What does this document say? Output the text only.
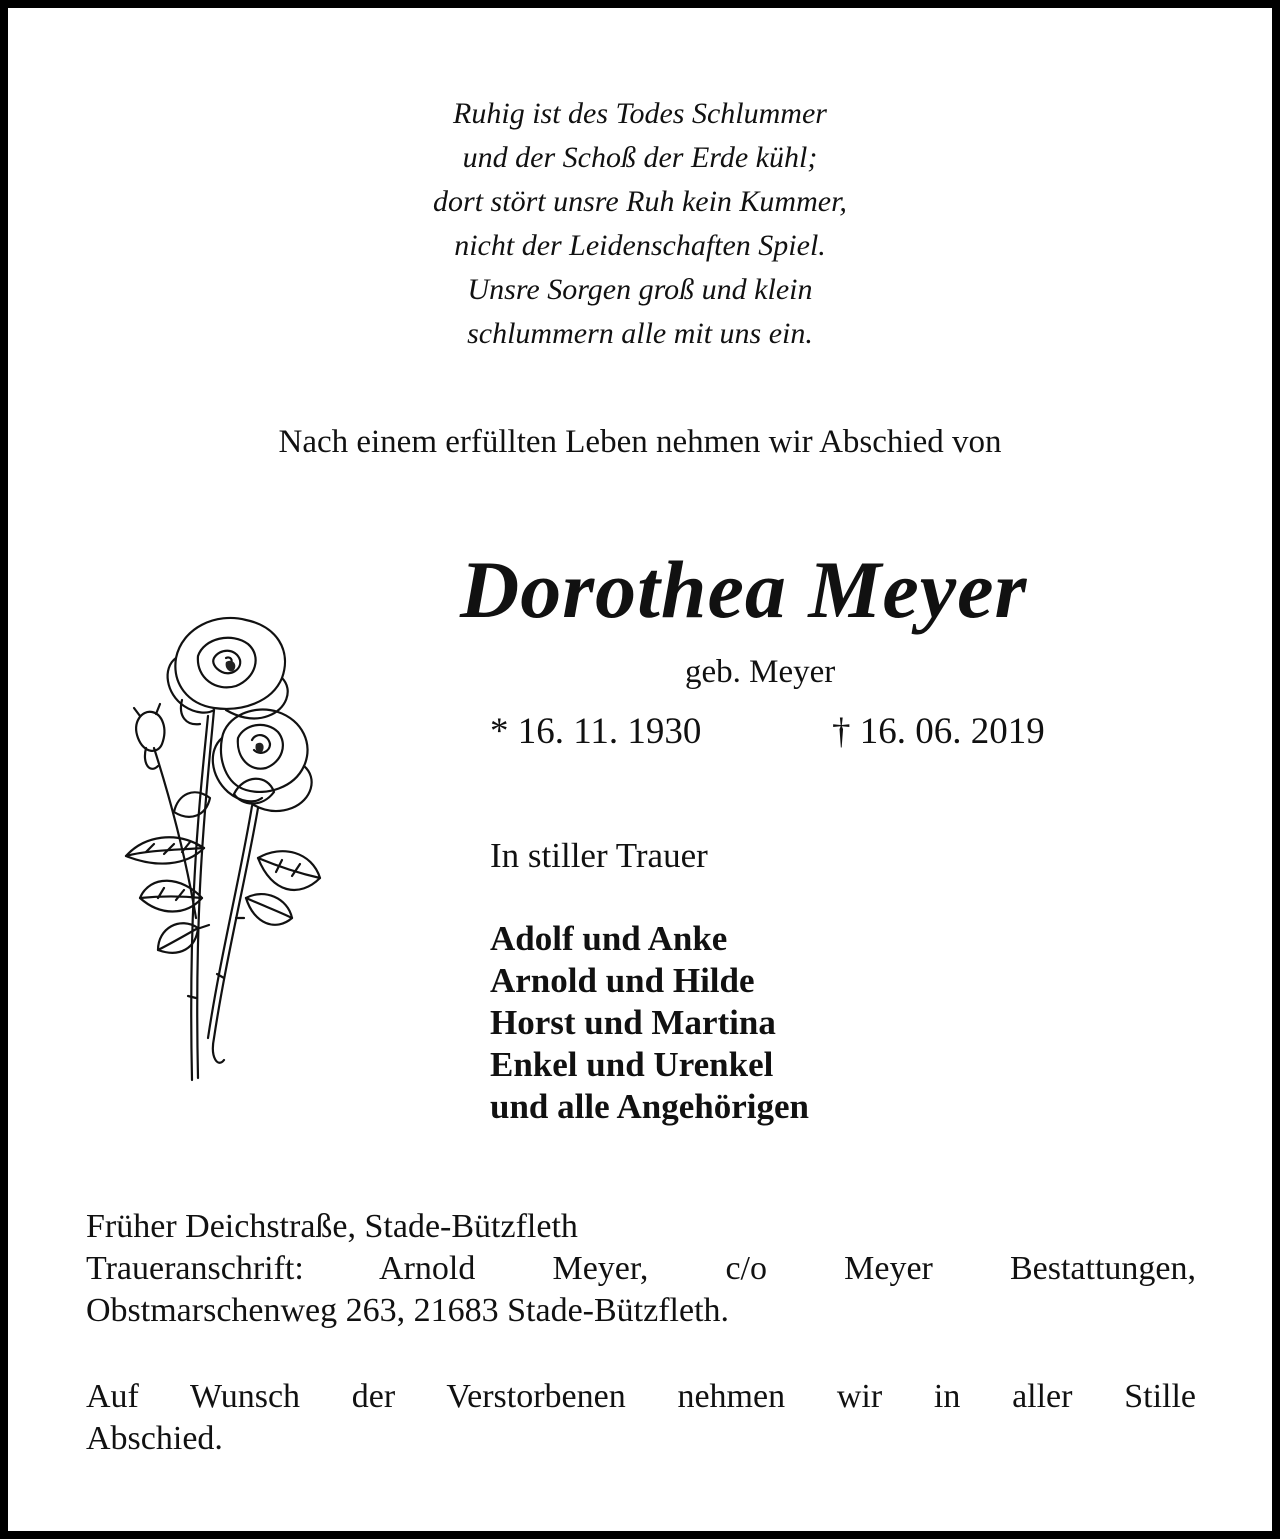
Ruhig ist des Todes Schlummer
und der Schoß der Erde kühl;
dort stört unsre Ruh kein Kummer,
nicht der Leidenschaften Spiel.
Unsre Sorgen groß und klein
schlummern alle mit uns ein.
Nach einem erfüllten Leben nehmen wir Abschied von
Dorothea Meyer
geb. Meyer
* 16. 11. 1930	† 16. 06. 2019
In stiller Trauer
Adolf und Anke
Arnold und Hilde
Horst und Martina
Enkel und Urenkel
und alle Angehörigen
Früher Deichstraße, Stade-Bützfleth
Traueranschrift: Arnold Meyer, c/o Meyer Bestattungen,
Obstmarschenweg 263, 21683 Stade-Bützfleth.
Auf Wunsch der Verstorbenen nehmen wir in aller Stille
Abschied.
